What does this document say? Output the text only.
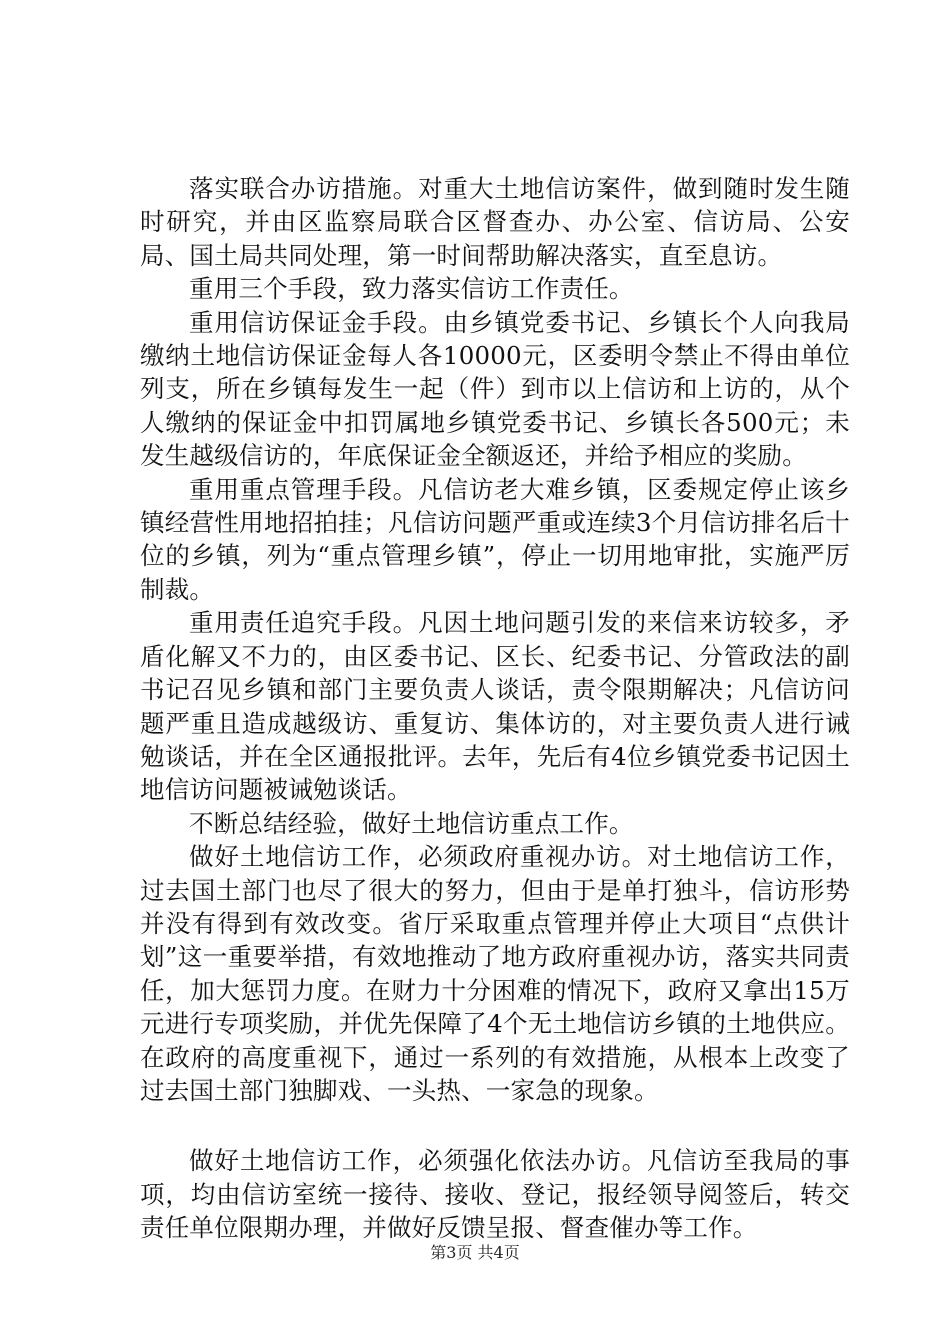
落实联合办访措施。对重大土地信访案件，做到随时发生随时研究，并由区监察局联合区督查办、办公室、信访局、公安局、国土局共同处理，第一时间帮助解决落实，直至息访。

重用三个手段，致力落实信访工作责任。

重用信访保证金手段。由乡镇党委书记、乡镇长个人向我局缴纳土地信访保证金每人各10000元，区委明令禁止不得由单位列支，所在乡镇每发生一起（件）到市以上信访和上访的，从个人缴纳的保证金中扣罚属地乡镇党委书记、乡镇长各500元；未发生越级信访的，年底保证金全额返还，并给予相应的奖励。

重用重点管理手段。凡信访老大难乡镇，区委规定停止该乡镇经营性用地招拍挂；凡信访问题严重或连续3个月信访排名后十位的乡镇，列为“重点管理乡镇”，停止一切用地审批，实施严厉制裁。

重用责任追究手段。凡因土地问题引发的来信来访较多，矛盾化解又不力的，由区委书记、区长、纪委书记、分管政法的副书记召见乡镇和部门主要负责人谈话，责令限期解决；凡信访问题严重且造成越级访、重复访、集体访的，对主要负责人进行诫勉谈话，并在全区通报批评。去年，先后有4位乡镇党委书记因土地信访问题被诫勉谈话。

不断总结经验，做好土地信访重点工作。

做好土地信访工作，必须政府重视办访。对土地信访工作，过去国土部门也尽了很大的努力，但由于是单打独斗，信访形势并没有得到有效改变。省厅采取重点管理并停止大项目“点供计划”这一重要举措，有效地推动了地方政府重视办访，落实共同责任，加大惩罚力度。在财力十分困难的情况下，政府又拿出15万元进行专项奖励，并优先保障了4个无土地信访乡镇的土地供应。在政府的高度重视下，通过一系列的有效措施，从根本上改变了过去国土部门独脚戏、一头热、一家急的现象。

做好土地信访工作，必须强化依法办访。凡信访至我局的事项，均由信访室统一接待、接收、登记，报经领导阅签后，转交责任单位限期办理，并做好反馈呈报、督查催办等工作。

第3页 共4页
